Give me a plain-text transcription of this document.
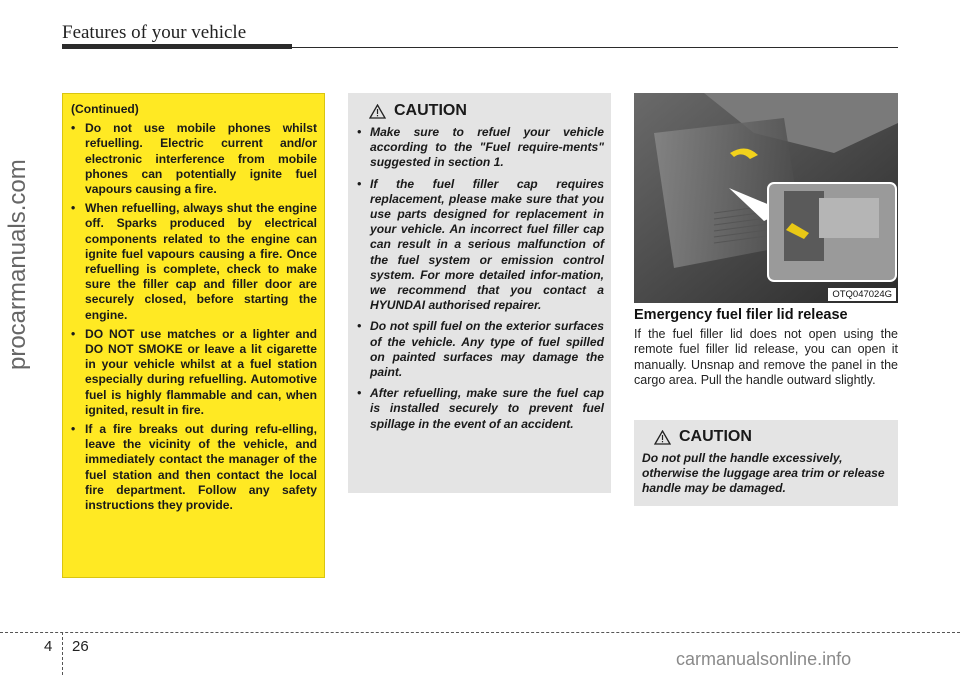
Features of your vehicle
procarmanuals.com
(Continued)
• Do not use mobile phones whilst refuelling. Electric current and/or electronic interference from mobile phones can potentially ignite fuel vapours causing a fire.
• When refuelling, always shut the engine off. Sparks produced by electrical components related to the engine can ignite fuel vapours causing a fire. Once refuelling is complete, check to make sure the filler cap and filler door are securely closed, before starting the engine.
• DO NOT use matches or a lighter and DO NOT SMOKE or leave a lit cigarette in your vehicle whilst at a fuel station especially during refuelling. Automotive fuel is highly flammable and can, when ignited, result in fire.
• If a fire breaks out during refu-elling, leave the vicinity of the vehicle, and immediately contact the manager of the fuel station and then contact the local fire department. Follow any safety instructions they provide.
CAUTION
• Make sure to refuel your vehicle according to the "Fuel require-ments" suggested in section 1.
• If the fuel filler cap requires replacement, please make sure that you use parts designed for replacement in your vehicle. An incorrect fuel filler cap can result in a serious malfunction of the fuel system or emission control system. For more detailed infor-mation, we recommend that you contact a HYUNDAI authorised repairer.
• Do not spill fuel on the exterior surfaces of the vehicle. Any type of fuel spilled on painted surfaces may damage the paint.
• After refuelling, make sure the fuel cap is installed securely to prevent fuel spillage in the event of an accident.
OTQ047024G
Emergency fuel filer lid release
If the fuel filler lid does not open using the remote fuel filler lid release, you can open it manually. Unsnap and remove the panel in the cargo area. Pull the handle outward slightly.
CAUTION
Do not pull the handle excessively, otherwise the luggage area trim or release handle may be damaged.
4 26
carmanualsonline.info
